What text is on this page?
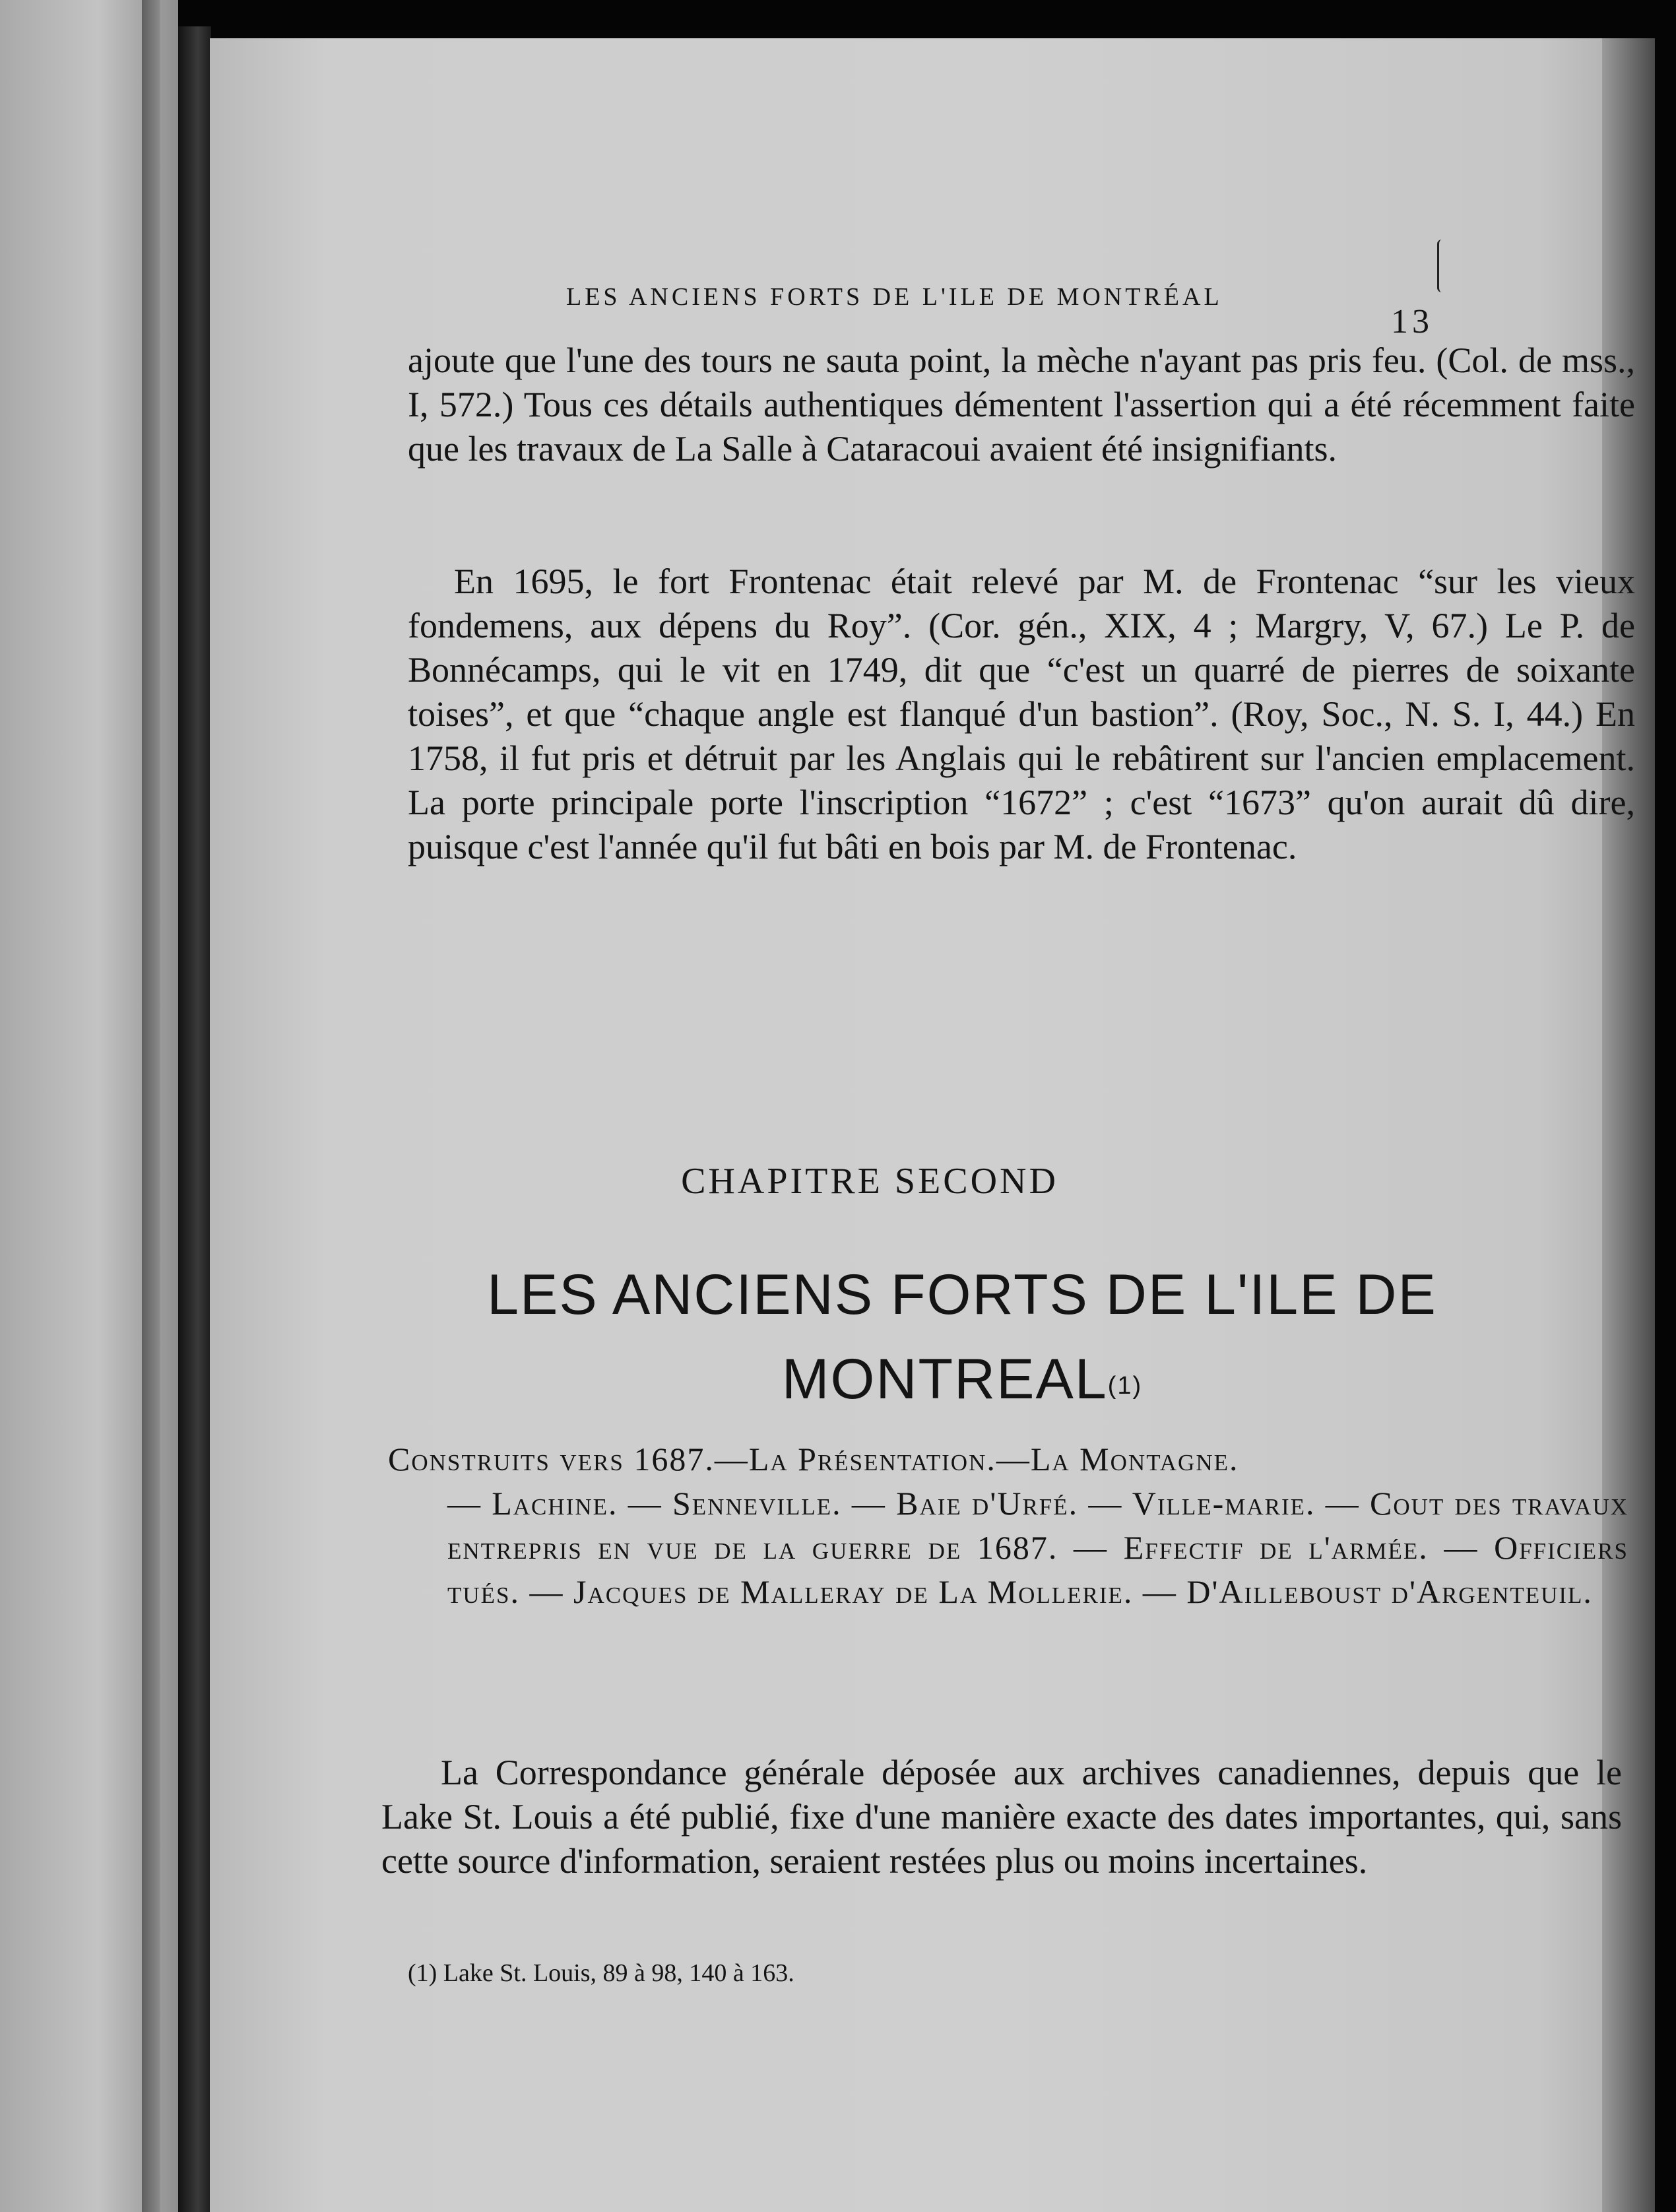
LES ANCIENS FORTS DE L'ILE DE MONTRÉAL
13

ajoute que l'une des tours ne sauta point, la mèche n'ayant pas pris feu. (Col. de mss., I, 572.) Tous ces détails authentiques démentent l'assertion qui a été récemment faite que les travaux de La Salle à Cataracoui avaient été insignifiants.

En 1695, le fort Frontenac était relevé par M. de Frontenac “sur les vieux fondemens, aux dépens du Roy”. (Cor. gén., XIX, 4 ; Margry, V, 67.) Le P. de Bonnécamps, qui le vit en 1749, dit que “c'est un quarré de pierres de soixante toises”, et que “chaque angle est flanqué d'un bastion”. (Roy, Soc., N. S. I, 44.) En 1758, il fut pris et détruit par les Anglais qui le rebâtirent sur l'ancien emplacement. La porte principale porte l'inscription “1672” ; c'est “1673” qu'on aurait dû dire, puisque c'est l'année qu'il fut bâti en bois par M. de Frontenac.

CHAPITRE SECOND
LES ANCIENS FORTS DE L'ILE DE MONTREAL$^{(1)}$

Construits vers 1687.—La Présentation.—La Montagne.
— Lachine. — Senneville. — Baie d'Urfé. — Ville-marie. — Cout des travaux entrepris en vue de la guerre de 1687. — Effectif de l'armée. — Officiers tués. — Jacques de Malleray de La Mollerie. — D'Ailleboust d'Argenteuil.

La Correspondance générale déposée aux archives canadiennes, depuis que le Lake St. Louis a été publié, fixe d'une manière exacte des dates importantes, qui, sans cette source d'information, seraient restées plus ou moins incertaines.

(1) Lake St. Louis, 89 à 98, 140 à 163.
